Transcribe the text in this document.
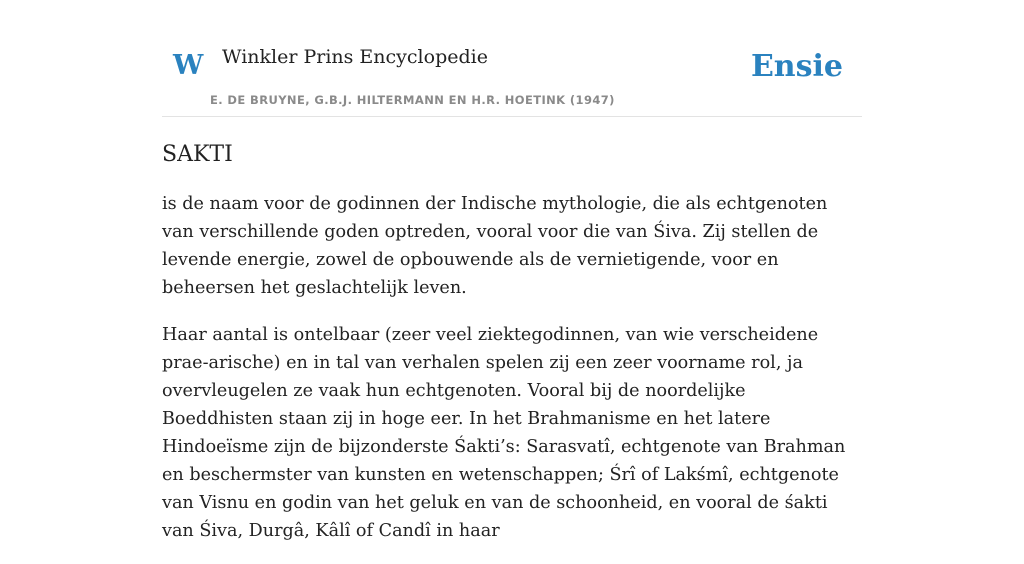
W Winkler Prins Encyclopedie
E. DE BRUYNE, G.B.J. HILTERMANN EN H.R. HOETINK (1947)
Ensie
SAKTI

is de naam voor de godinnen der Indische mythologie, die als echtgenoten van verschillende goden optreden, vooral voor die van Śiva. Zij stellen de levende energie, zowel de opbouwende als de vernietigende, voor en beheersen het geslachtelijk leven.

Haar aantal is ontelbaar (zeer veel ziektegodinnen, van wie verscheidene prae-arische) en in tal van verhalen spelen zij een zeer voorname rol, ja overvleugelen ze vaak hun echtgenoten. Vooral bij de noordelijke Boeddhisten staan zij in hoge eer. In het Brahmanisme en het latere Hindoeïsme zijn de bijzonderste Śakti’s: Sarasvatî, echtgenote van Brahman en beschermster van kunsten en wetenschappen; Śrî of Lakśmî, echtgenote van Visnu en godin van het geluk en van de schoonheid, en vooral de śakti van Śiva, Durgâ, Kâlî of Candî in haar
